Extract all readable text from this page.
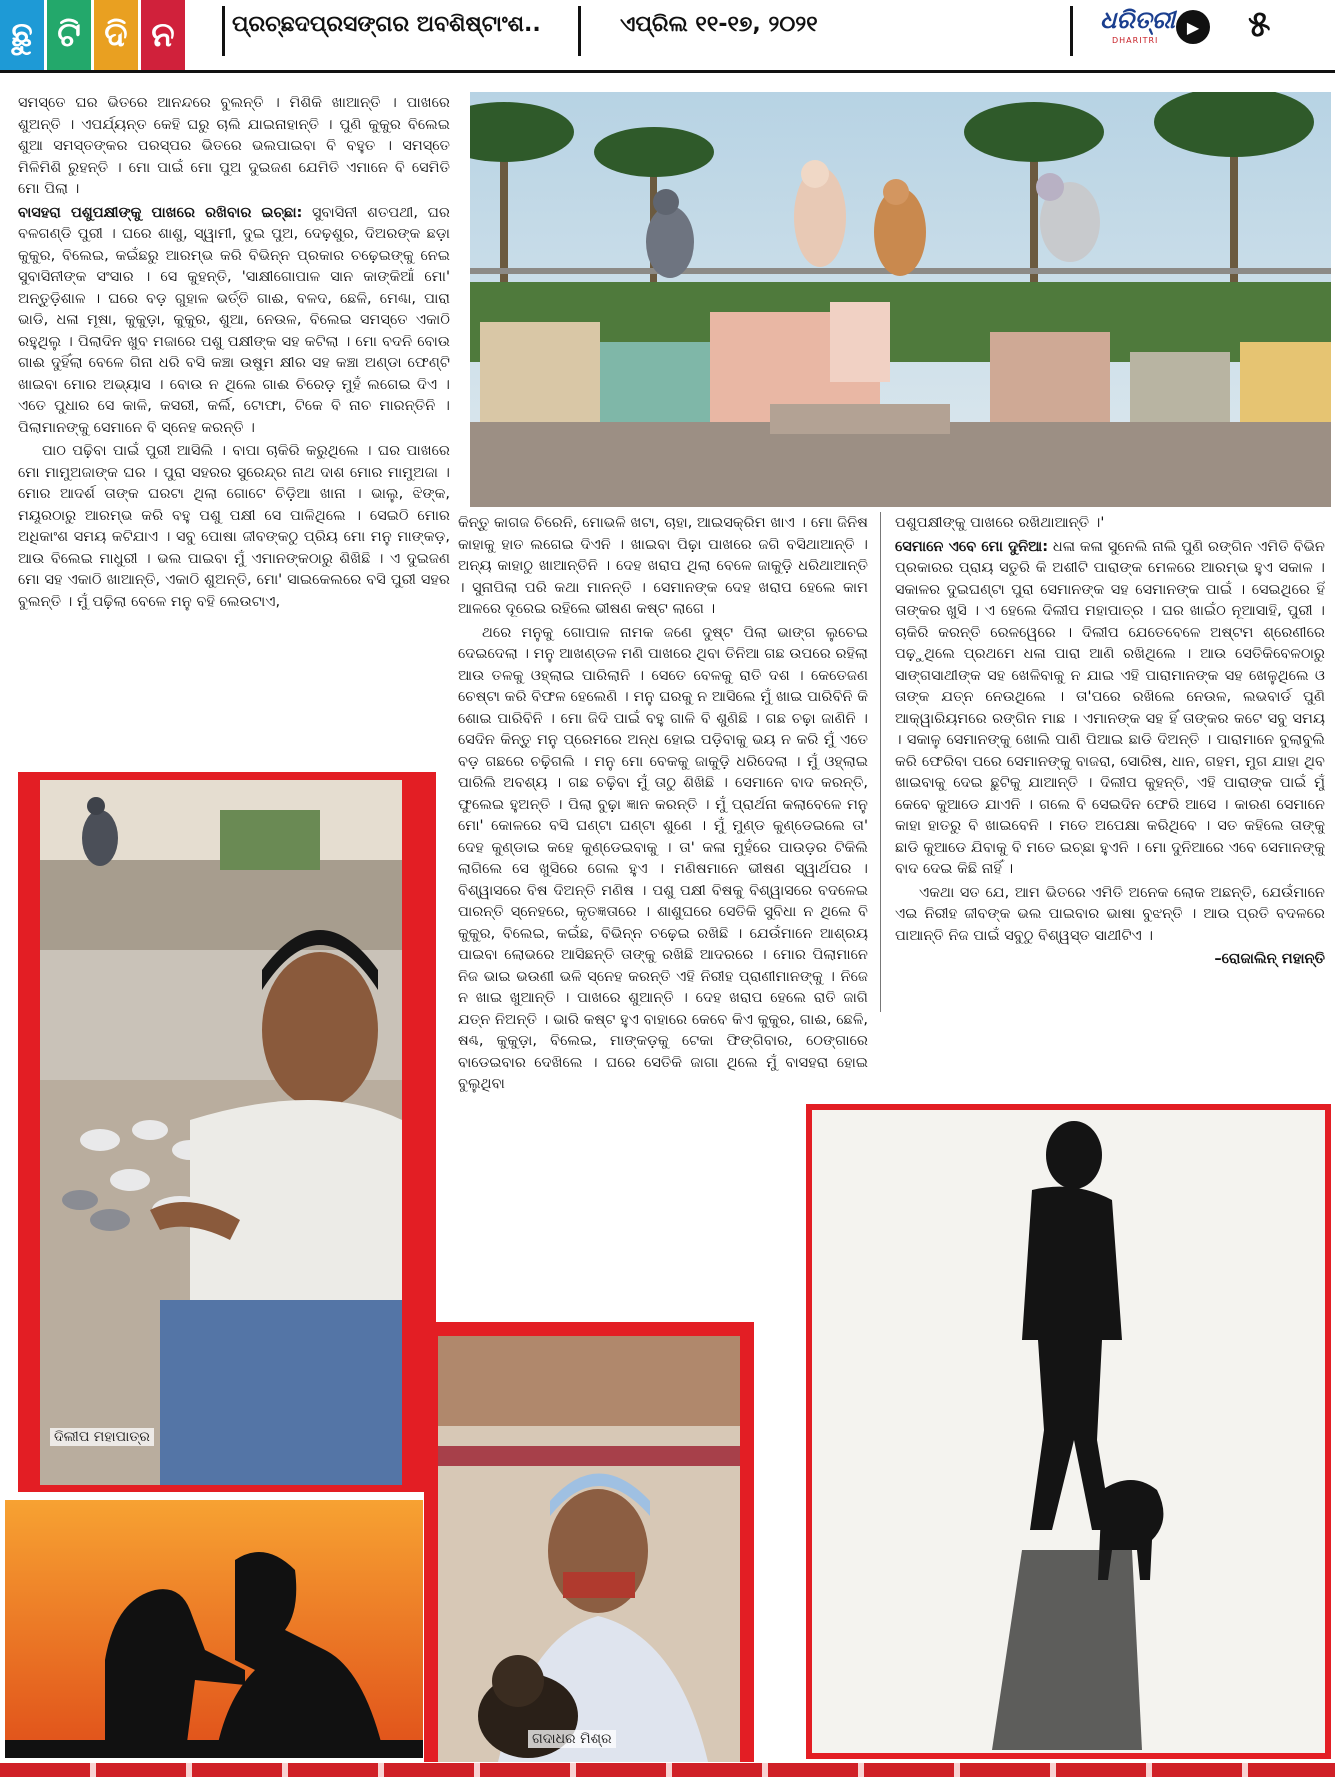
ଛୁ ଟି ଦି ନ	ପ୍ରଚ୍ଛଦପ୍ରସଙ୍ଗର ଅବଶିଷ୍ଟାଂଶ..	ଏପ୍ରିଲ ୧୧-୧୭, ୨୦୨୧	ଧରିତ୍ରୀ
DHARITRI
▶	୫

ସମସ୍ତେ ଘର ଭିତରେ ଆନନ୍ଦରେ ବୁଲନ୍ତି । ମିଶିକି ଖାଆନ୍ତି । ପାଖରେ ଶୁଅନ୍ତି । ଏପର୍ଯ୍ୟନ୍ତ କେହି ଘରୁ ଚାଲି ଯାଇନାହାନ୍ତି । ପୁଣି କୁକୁର ବିଲେଇ ଶୁଆ ସମସ୍ତଙ୍କର ପରସ୍ପର ଭିତରେ ଭଲପାଇବା ବି ବହୁତ । ସମସ୍ତେ ମିଳିମିଶି ରୁହନ୍ତି । ମୋ ପାଇଁ ମୋ ପୁଅ ଦୁଇଜଣ ଯେମିତି ଏମାନେ ବି ସେମିତି ମୋ ପିଲା ।

ବାସହରା ପଶୁପକ୍ଷୀଙ୍କୁ ପାଖରେ ରଖିବାର ଇଚ୍ଛା: ସୁବାସିନୀ ଶତପଥୀ, ଘର ବଳଗଣ୍ଡି ପୁରୀ । ଘରେ ଶାଶୁ, ସ୍ୱାମୀ, ଦୁଇ ପୁଅ, ଦେଢ଼ଶୁର, ଦିଅରଙ୍କ ଛଡ଼ା କୁକୁର, ବିଲେଇ, କଇଁଛରୁ ଆରମ୍ଭ କରି ବିଭିନ୍ନ ପ୍ରକାର ଚଢ଼େଇଙ୍କୁ ନେଇ ସୁବାସିନୀଙ୍କ ସଂସାର । ସେ କୁହନ୍ତି, 'ସାକ୍ଷୀଗୋପାଳ ସାନ କାଙ୍କିଆଁ ମୋ' ଅନ୍ତୁଡ଼ିଶାଳ । ଘରେ ବଡ଼ ଗୁହାଳ ଭର୍ତ୍ତି ଗାଈ, ବଳଦ, ଛେଳି, ମେଣ୍ଢା, ପାରା ଭାଡି, ଧଳା ମୂଷା, କୁକୁଡ଼ା, କୁକୁର, ଶୁଆ, ନେଉଳ, ବିଲେଇ ସମସ୍ତେ ଏକାଠି ରହୁଥିଲୁ । ପିଲାଦିନ ଖୁବ ମଜାରେ ପଶୁ ପକ୍ଷୀଙ୍କ ସହ କଟିଲା । ମୋ ବଦନି ବୋଉ ଗାଈ ଦୁହିଁଲା ବେଳେ ଗିନା ଧରି ବସି କଞ୍ଚା ଉଷୁମ କ୍ଷୀର ସହ କଞ୍ଚା ଅଣ୍ଡା ଫେଣ୍ଟି ଖାଇବା ମୋର ଅଭ୍ୟାସ । ବୋଉ ନ ଥିଲେ ଗାଈ ଚିରେଡ଼ ମୁହଁ ଲଗେଇ ଦିଏ । ଏତେ ପୁଧାର ସେ କାଳି, କସରୀ, କର୍ଲି, ଟୋଫା, ଟିକେ ବି ନାଚ ମାରନ୍ତିନି । ପିଲାମାନଙ୍କୁ ସେମାନେ ବି ସ୍ନେହ କରନ୍ତି ।

ପାଠ ପଢ଼ିବା ପାଇଁ ପୁରୀ ଆସିଲି । ବାପା ଚାକିରି କରୁଥିଲେ । ଘର ପାଖରେ ମୋ ମାମୁଅଜାଙ୍କ ଘର । ପୁରା ସହରର ସୁରେନ୍ଦ୍ର ନାଥ ଦାଶ ମୋର ମାମୁଅଜା । ମୋର ଆଦର୍ଶ ତାଙ୍କ ଘରଟା ଥିଲା ଗୋଟେ ଚିଡ଼ିଆ ଖାନା । ଭାଲୁ, ଝିଙ୍କ, ମୟୂରଠାରୁ ଆରମ୍ଭ କରି ବହୁ ପଶୁ ପକ୍ଷୀ ସେ ପାଳିଥିଲେ । ସେଇଠି ମୋର ଅଧିକାଂଶ ସମୟ କଟିଯାଏ । ସବୁ ପୋଷା ଜୀବଙ୍କଠୁ ପ୍ରିୟ ମୋ ମନୁ ମାଙ୍କଡ଼, ଆଉ ବିଲେଇ ମାଧୁରୀ । ଭଲ ପାଇବା ମୁଁ ଏମାନଙ୍କଠାରୁ ଶିଖିଛି । ଏ ଦୁଇଜଣ ମୋ ସହ ଏକାଠି ଖାଆନ୍ତି, ଏକାଠି ଶୁଅନ୍ତି, ମୋ' ସାଇକେଲରେ ବସି ପୁରୀ ସହର ବୁଲନ୍ତି । ମୁଁ ପଢ଼ିଲା ବେଳେ ମନୁ ବହି ଲେଉଟାଏ,

କିନ୍ତୁ କାଗଜ ଚିରେନି, ମୋଭଳି ଖଟା, ଚାହା, ଆଇସକ୍ରିମ ଖାଏ । ମୋ ଜିନିଷ କାହାକୁ ହାତ ଲଗେଇ ଦିଏନି । ଖାଇବା ପିଢ଼ା ପାଖରେ ଜଗି ବସିଥାଆନ୍ତି । ଅନ୍ୟ କାହାଠୁ ଖାଆନ୍ତିନି । ଦେହ ଖରାପ ଥିଲା ବେଳେ ଜାକୁଡ଼ି ଧରିଥାଆନ୍ତି । ସୁନାପିଲା ପରି କଥା ମାନନ୍ତି । ସେମାନଙ୍କ ଦେହ ଖରାପ ହେଲେ କାମ ଆଳରେ ଦୂରେଇ ରହିଲେ ଭୀଷଣ କଷ୍ଟ ଲାଗେ ।

ଥରେ ମନୁକୁ ଗୋପାଳ ନାମକ ଜଣେ ଦୁଷ୍ଟ ପିଲା ଭାଙ୍ଗ ଲୁଚେଇ ଦେଇଦେଲା । ମନୁ ଆଖଣ୍ଡଳ ମଣି ପାଖରେ ଥିବା ତିନିଆ ଗଛ ଉପରେ ରହିଲା ଆଉ ତଳକୁ ଓହ୍ଲାଇ ପାରିଲାନି । ସେତେ ବେଳକୁ ରାତି ଦଶ । କେତେଜଣ ଚେଷ୍ଟା କରି ବିଫଳ ହେଲେଣି । ମନୁ ଘରକୁ ନ ଆସିଲେ ମୁଁ ଖାଇ ପାରିବିନି କି ଶୋଇ ପାରିବିନି । ମୋ ଜିଦି ପାଇଁ ବହୁ ଗାଳି ବି ଶୁଣିଛି । ଗଛ ଚଢ଼ା ଜାଣିନି । ସେଦିନ କିନ୍ତୁ ମନୁ ପ୍ରେମରେ ଅନ୍ଧ ହୋଇ ପଡ଼ିବାକୁ ଭୟ ନ କରି ମୁଁ ଏତେ ବଡ଼ ଗଛରେ ଚଢ଼ିଗଲି । ମନୁ ମୋ ବେକକୁ ଜାକୁଡ଼ି ଧରିଦେଲା । ମୁଁ ଓହ୍ଲାଇ ପାରିଲି ଅବଶ୍ୟ । ଗଛ ଚଢ଼ିବା ମୁଁ ତାଠୁ ଶିଖିଛି । ସେମାନେ ବାଦ କରନ୍ତି, ଫୁଲେଇ ହୁଅନ୍ତି । ପିଲା ବୁଢ଼ା ଜ୍ଞାନ କରନ୍ତି । ମୁଁ ପ୍ରାର୍ଥନା କଲାବେଳେ ମନୁ ମୋ' କୋଳରେ ବସି ଘଣ୍ଟା ଘଣ୍ଟା ଶୁଣେ । ମୁଁ ମୁଣ୍ଡ କୁଣ୍ଡେଇଲେ ତା' ଦେହ କୁଣ୍ଡାଇ କହେ କୁଣ୍ଡେଇବାକୁ । ତା' କଳା ମୁହଁରେ ପାଉଡ଼ର ଟିକିଲି ଲାଗିଲେ ସେ ଖୁସିରେ ଗେଲ ହୁଏ । ମଣିଷମାନେ ଭୀଷଣ ସ୍ୱାର୍ଥପର । ବିଶ୍ୱାସରେ ବିଷ ଦିଅନ୍ତି ମଣିଷ । ପଶୁ ପକ୍ଷୀ ବିଷକୁ ବିଶ୍ୱାସରେ ବଦଳେଇ ପାରନ୍ତି ସ୍ନେହରେ, କୃତଜ୍ଞତାରେ । ଶାଶୁଘରେ ସେତିକି ସୁବିଧା ନ ଥିଲେ ବି କୁକୁର, ବିଲେଇ, କଇଁଛ, ବିଭିନ୍ନ ଚଢ଼େଇ ରଖିଛି । ଯେଉଁମାନେ ଆଶ୍ରୟ ପାଇବା ଲୋଭରେ ଆସିଛନ୍ତି ତାଙ୍କୁ ରଖିଛି ଆଦରରେ । ମୋର ପିଲାମାନେ ନିଜ ଭାଇ ଭଉଣୀ ଭଳି ସ୍ନେହ କରନ୍ତି ଏହି ନିରୀହ ପ୍ରାଣୀମାନଙ୍କୁ । ନିଜେ ନ ଖାଇ ଖୁଆନ୍ତି । ପାଖରେ ଶୁଆନ୍ତି । ଦେହ ଖରାପ ହେଲେ ରାତି ଜାଗି ଯତ୍ନ ନିଅନ୍ତି । ଭାରି କଷ୍ଟ ହୁଏ ବାହାରେ କେବେ କିଏ କୁକୁର, ଗାଈ, ଛେଳି, ଷଣ୍ଢ, କୁକୁଡ଼ା, ବିଲେଇ, ମାଙ୍କଡ଼କୁ ଟେକା ଫିଙ୍ଗିବାର, ଠେଙ୍ଗାରେ ବାଡେଇବାର ଦେଖିଲେ । ଘରେ ସେତିକି ଜାଗା ଥିଲେ ମୁଁ ବାସହରା ହୋଇ ବୁଲୁଥିବା

ପଶୁପକ୍ଷୀଙ୍କୁ ପାଖରେ ରଖିଥାଆନ୍ତି ।'

ସେମାନେ ଏବେ ମୋ ଦୁନିଆ: ଧଳା କଳା ସୁନେଲି ନାଲି ପୁଣି ରଙ୍ଗିନ ଏମିତି ବିଭିନ ପ୍ରକାରର ପ୍ରାୟ ସତୁରି କି ଅଶୀଟି ପାରାଙ୍କ ମେଳରେ ଆରମ୍ଭ ହୁଏ ସକାଳ । ସକାଳର ଦୁଇଘଣ୍ଟା ପୁରା ସେମାନଙ୍କ ସହ ସେମାନଙ୍କ ପାଇଁ । ସେଇଥିରେ ହିଁ ତାଙ୍କର ଖୁସି । ଏ ହେଲେ ଦିଲୀପ ମହାପାତ୍ର । ଘର ଖାଇଁଠ ନୂଆସାହି, ପୁରୀ । ଚାକିରି କରନ୍ତି ରେଳୱେରେ । ଦିଲୀପ ଯେତେବେଳେ ଅଷ୍ଟମ ଶ୍ରେଣୀରେ ପଢ଼ୁଥିଲେ ପ୍ରଥମେ ଧଳା ପାରା ଆଣି ରଖିଥିଲେ । ଆଉ ସେତିକିବେଳଠାରୁ ସାଙ୍ଗସାଥୀଙ୍କ ସହ ଖେଳିବାକୁ ନ ଯାଇ ଏହି ପାରାମାନଙ୍କ ସହ ଖେଳୁଥିଲେ ଓ ତାଙ୍କ ଯତ୍ନ ନେଉଥିଲେ । ତା'ପରେ ରଖିଲେ ନେଉଳ, ଲଭବାର୍ଡ ପୁଣି ଆକ୍ୱାରିୟମରେ ରଙ୍ଗିନ ମାଛ । ଏମାନଙ୍କ ସହ ହିଁ ତାଙ୍କର କଟେ ସବୁ ସମୟ । ସକାଳୁ ସେମାନଙ୍କୁ ଖୋଲି ପାଣି ପିଆଇ ଛାଡି ଦିଅନ୍ତି । ପାରାମାନେ ବୁଲାବୁଲି କରି ଫେରିବା ପରେ ସେମାନଙ୍କୁ ବାଜରା, ସୋରିଷ, ଧାନ, ଗହମ, ମୁଗ ଯାହା ଥିବ ଖାଇବାକୁ ଦେଇ ଛୁଟିକୁ ଯାଆନ୍ତି । ଦିଲୀପ କୁହନ୍ତି, ଏହି ପାରାଙ୍କ ପାଇଁ ମୁଁ କେବେ କୁଆଡେ ଯାଏନି । ଗଲେ ବି ସେଇଦିନ ଫେରି ଆସେ । କାରଣ ସେମାନେ କାହା ହାତରୁ ବି ଖାଇବେନି । ମତେ ଅପେକ୍ଷା କରିଥିବେ । ସତ କହିଲେ ତାଙ୍କୁ ଛାଡି କୁଆଡେ ଯିବାକୁ ବି ମତେ ଇଚ୍ଛା ହୁଏନି । ମୋ ଦୁନିଆରେ ଏବେ ସେମାନଙ୍କୁ ବାଦ ଦେଇ କିଛି ନାହିଁ ।

ଏକଥା ସତ ଯେ, ଆମ ଭିତରେ ଏମିତି ଅନେକ ଲୋକ ଅଛନ୍ତି, ଯେଉଁମାନେ ଏଇ ନିରୀହ ଜୀବଙ୍କ ଭଲ ପାଇବାର ଭାଷା ବୁଝନ୍ତି । ଆଉ ପ୍ରତି ବଦଳରେ ପାଆନ୍ତି ନିଜ ପାଇଁ ସବୁଠୁ ବିଶ୍ୱସ୍ତ ସାଥୀଟିଏ ।

–ରୋଜାଲିନ୍ ମହାନ୍ତି

ଦିଲୀପ ମହାପାତ୍ର
ଗଦାଧର ମିଶ୍ର
